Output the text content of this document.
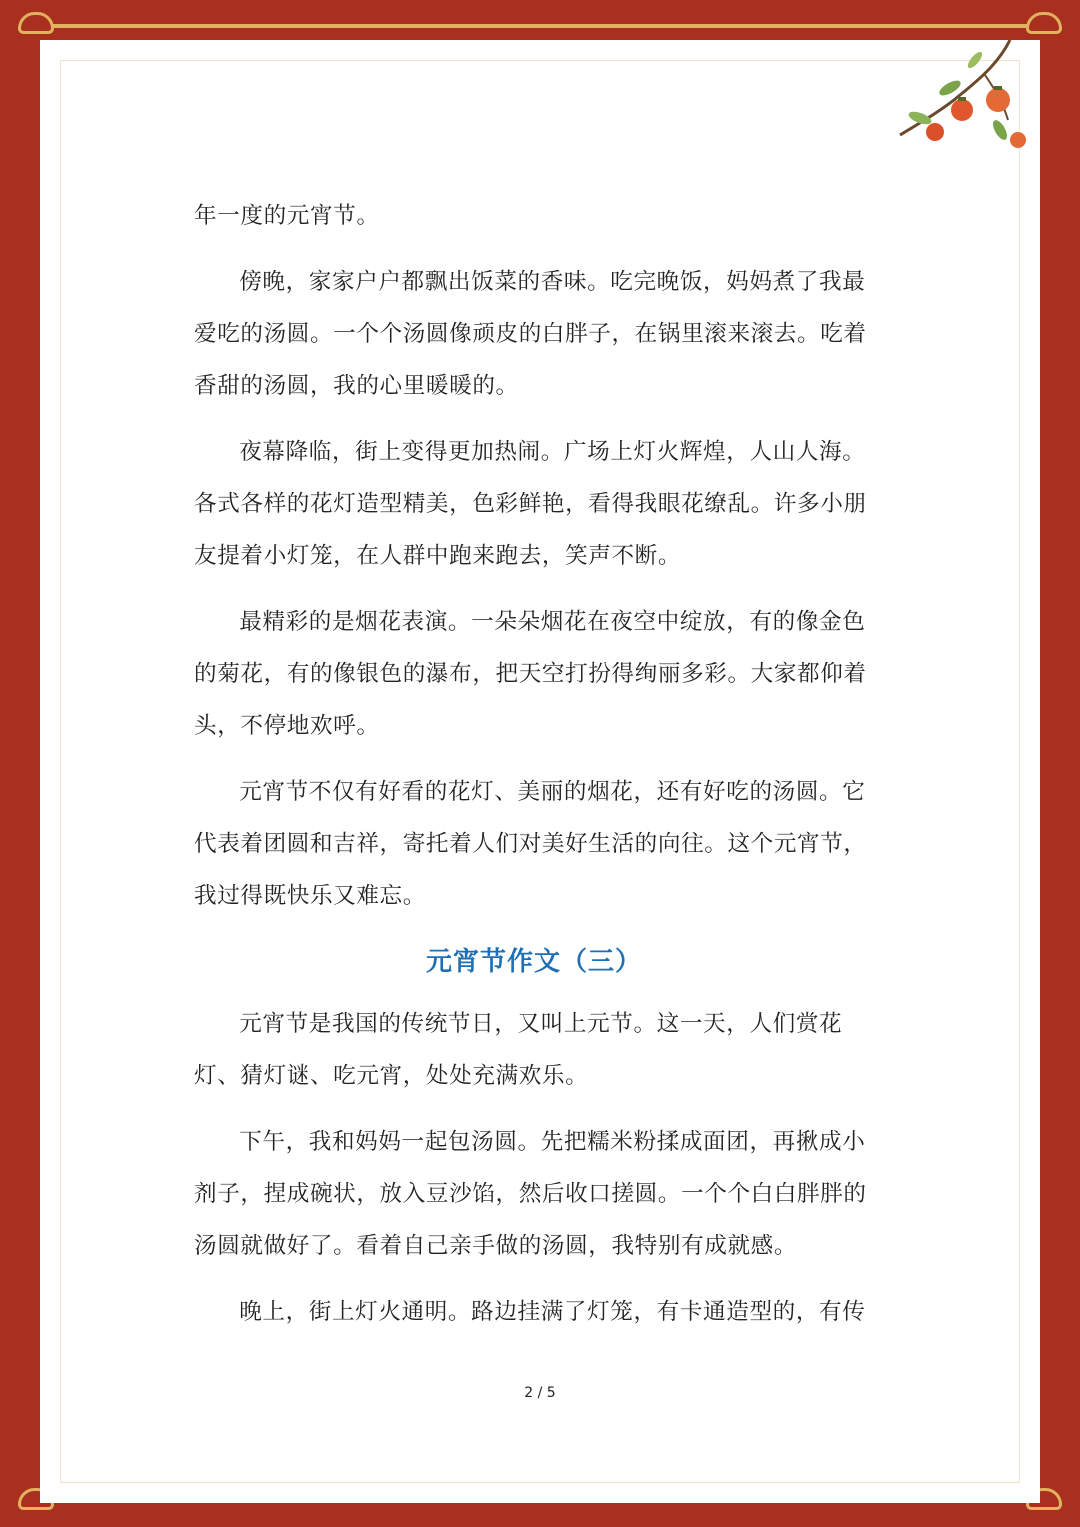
年一度的元宵节。

傍晚，家家户户都飘出饭菜的香味。吃完晚饭，妈妈煮了我最爱吃的汤圆。一个个汤圆像顽皮的白胖子，在锅里滚来滚去。吃着香甜的汤圆，我的心里暖暖的。

夜幕降临，街上变得更加热闹。广场上灯火辉煌，人山人海。各式各样的花灯造型精美，色彩鲜艳，看得我眼花缭乱。许多小朋友提着小灯笼，在人群中跑来跑去，笑声不断。

最精彩的是烟花表演。一朵朵烟花在夜空中绽放，有的像金色的菊花，有的像银色的瀑布，把天空打扮得绚丽多彩。大家都仰着头，不停地欢呼。

元宵节不仅有好看的花灯、美丽的烟花，还有好吃的汤圆。它代表着团圆和吉祥，寄托着人们对美好生活的向往。这个元宵节，我过得既快乐又难忘。

元宵节作文（三）

元宵节是我国的传统节日，又叫上元节。这一天，人们赏花灯、猜灯谜、吃元宵，处处充满欢乐。

下午，我和妈妈一起包汤圆。先把糯米粉揉成面团，再揪成小剂子，捏成碗状，放入豆沙馅，然后收口搓圆。一个个白白胖胖的汤圆就做好了。看着自己亲手做的汤圆，我特别有成就感。

晚上，街上灯火通明。路边挂满了灯笼，有卡通造型的，有传

2 / 5
